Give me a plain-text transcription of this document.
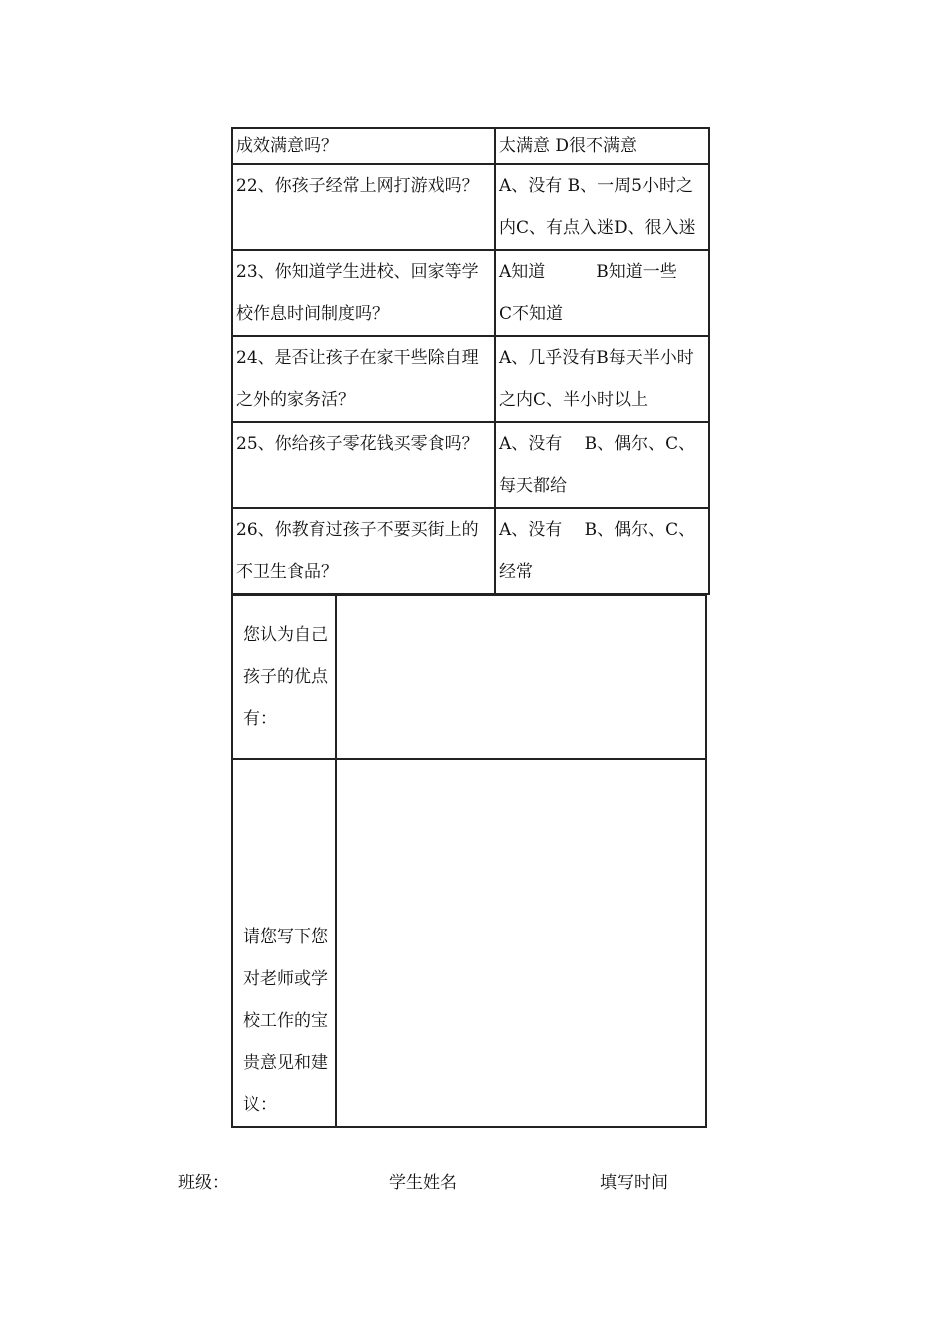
成效满意吗？	太满意 D很不满意
22、你孩子经常上网打游戏吗？	A、没有 B、一周5小时之内C、有点入迷D、很入迷
23、你知道学生进校、回家等学校作息时间制度吗？	A知道　　　B知道一些　　　　C不知道
24、是否让孩子在家干些除自理之外的家务活？	A、几乎没有B每天半小时之内C、半小时以上
25、你给孩子零花钱买零食吗？	A、没有　 B、偶尔、C、每天都给
26、你教育过孩子不要买街上的不卫生食品？	A、没有　 B、偶尔、C、经常
您认为自己孩子的优点有：	
请您写下您对老师或学校工作的宝贵意见和建议：	
班级：	学生姓名	填写时间
